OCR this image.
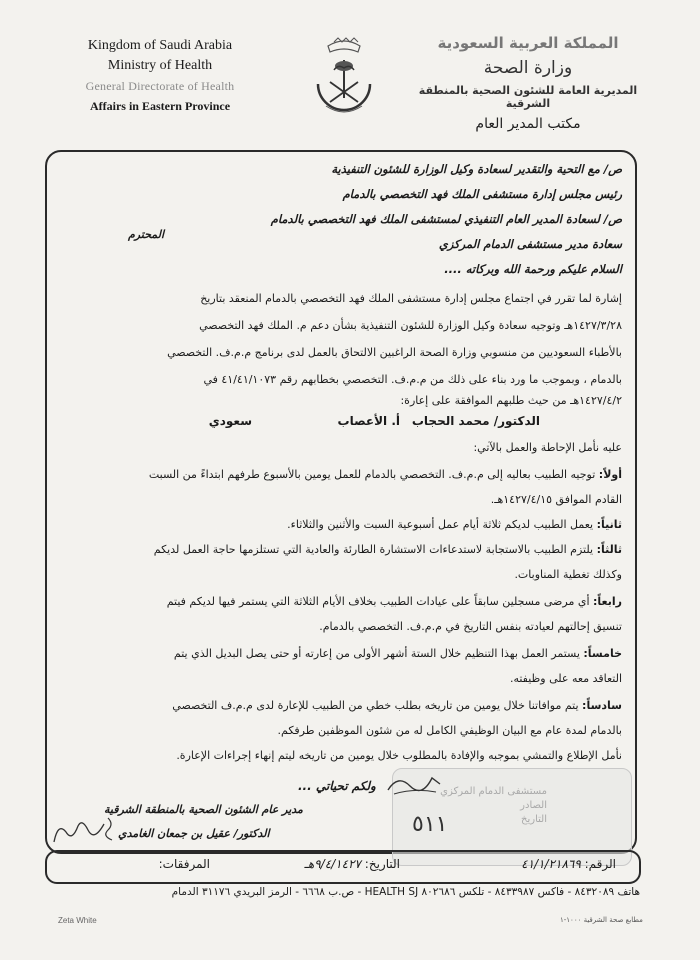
Kingdom of Saudi Arabia
Ministry of Health
General Directorate of Health
Affairs in Eastern Province
المملكة العربية السعودية
وزارة الصحة
المديرية العامة للشئون الصحية بالمنطقة الشرقية
مكتب المدير العام
ص/ مع التحية والتقدير لسعادة وكيل الوزارة للشئون التنفيذية
رئيس مجلس إدارة مستشفى الملك فهد التخصصي بالدمام
ص/ لسعادة المدير العام التنفيذي لمستشفى الملك فهد التخصصي بالدمام
سعادة مدير مستشفى الدمام المركزي
المحترم
السلام عليكم ورحمة الله وبركاته ....
إشارة لما تقرر في اجتماع مجلس إدارة مستشفى الملك فهد التخصصي بالدمام المنعقد بتاريخ
١٤٢٧/٣/٢٨هـ وتوجيه سعادة وكيل الوزارة للشئون التنفيذية بشأن دعم م. الملك فهد التخصصي
بالأطباء السعوديين من منسوبي وزارة الصحة الراغبين الالتحاق بالعمل لدى برنامج م.م.ف. التخصصي
بالدمام ، وبموجب ما ورد بناء على ذلك من م.م.ف. التخصصي بخطابهم رقم ٤١/٤١/١٠٧٣ في
١٤٢٧/٤/٢هـ من حيث طلبهم الموافقة على إعارة:
الدكتور/ محمد الحجاب
أ. الأعصاب
سعودي
عليه نأمل الإحاطة والعمل بالآتي:
أولاً: توجيه الطبيب بعاليه إلى م.م.ف. التخصصي بالدمام للعمل يومين بالأسبوع طرفهم ابتداءً من السبت
القادم الموافق ١٤٢٧/٤/١٥هـ.
ثانياً: يعمل الطبيب لديكم ثلاثة أيام عمل أسبوعية السبت والأثنين والثلاثاء.
ثالثاً: يلتزم الطبيب بالاستجابة لاستدعاءات الاستشارة الطارئة والعادية التي تستلزمها حاجة العمل لديكم
وكذلك تغطية المناوبات.
رابعاً: أي مرضى مسجلين سابقاً على عيادات الطبيب بخلاف الأيام الثلاثة التي يستمر فيها لديكم فيتم
تنسيق إحالتهم لعيادته بنفس التاريخ في م.م.ف. التخصصي بالدمام.
خامساً: يستمر العمل بهذا التنظيم خلال الستة أشهر الأولى من إعارته أو حتى يصل البديل الذي يتم
التعاقد معه على وظيفته.
سادساً: يتم موافاتنا خلال يومين من تاريخه بطلب خطي من الطبيب للإعارة لدى م.م.ف التخصصي
بالدمام لمدة عام مع البيان الوظيفي الكامل له من شئون الموظفين طرفكم.
نأمل الإطلاع والتمشي بموجبه والإفادة بالمطلوب خلال يومين من تاريخه ليتم إنهاء إجراءات الإعارة.
مستشفى الدمام المركزي
الصادر
التاريخ
٥١١
ولكم تحياتي ...
مدير عام الشئون الصحية بالمنطقة الشرقية
الدكتور/ عقيل بن جمعان الغامدي
الرقم: ٤١/١/٢١٨٦٩
التاريخ: ٩/٤/١٤٢٧هـ
المرفقات:
هاتف ٨٤٣٢٠٨٩ - فاكس ٨٤٣٣٩٨٧ - تلكس ٨٠٢٦٨٦ HEALTH SJ - ص.ب ٦٦٦٨ - الرمز البريدي ٣١١٧٦ الدمام
Zeta White	مطابع صحة الشرقية ١٠٠٠-١
